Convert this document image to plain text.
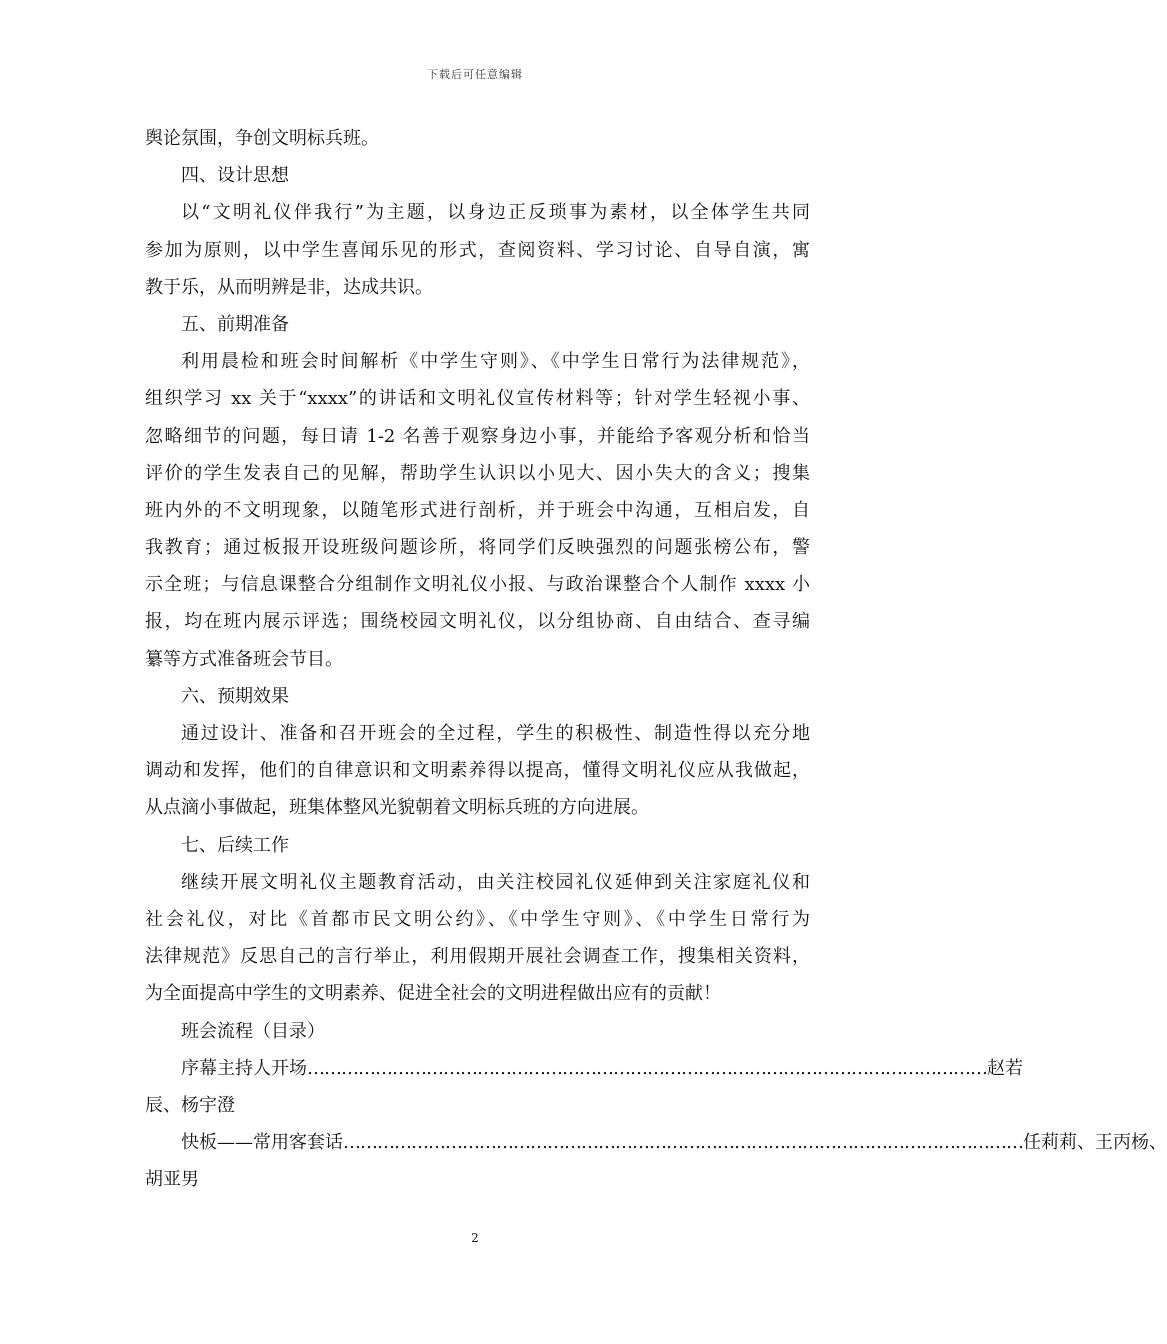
下载后可任意编辑
舆论氛围，争创文明标兵班。
四、设计思想
以“文明礼仪伴我行”为主题，以身边正反琐事为素材，以全体学生共同
参加为原则，以中学生喜闻乐见的形式，查阅资料、学习讨论、自导自演，寓
教于乐，从而明辨是非，达成共识。
五、前期准备
利用晨检和班会时间解析《中学生守则》、《中学生日常行为法律规范》，
组织学习 xx 关于“xxxx”的讲话和文明礼仪宣传材料等；针对学生轻视小事、
忽略细节的问题，每日请 1-2 名善于观察身边小事，并能给予客观分析和恰当
评价的学生发表自己的见解，帮助学生认识以小见大、因小失大的含义；搜集
班内外的不文明现象，以随笔形式进行剖析，并于班会中沟通，互相启发，自
我教育；通过板报开设班级问题诊所，将同学们反映强烈的问题张榜公布，警
示全班；与信息课整合分组制作文明礼仪小报、与政治课整合个人制作 xxxx 小
报，均在班内展示评选；围绕校园文明礼仪，以分组协商、自由结合、查寻编
纂等方式准备班会节目。
六、预期效果
通过设计、准备和召开班会的全过程，学生的积极性、制造性得以充分地
调动和发挥，他们的自律意识和文明素养得以提高，懂得文明礼仪应从我做起，
从点滴小事做起，班集体整风光貌朝着文明标兵班的方向进展。
七、后续工作
继续开展文明礼仪主题教育活动，由关注校园礼仪延伸到关注家庭礼仪和
社会礼仪，对比《首都市民文明公约》、《中学生守则》、《中学生日常行为
法律规范》反思自己的言行举止，利用假期开展社会调查工作，搜集相关资料，
为全面提高中学生的文明素养、促进全社会的文明进程做出应有的贡献！
班会流程（目录）
序幕主持人开场 ………………………………………………………………………………………………………… 赵若
辰、杨宇澄
快板——常用客套话 ………………………………………………………………………………………………………… 任莉莉、王丙杨、
胡亚男
2
